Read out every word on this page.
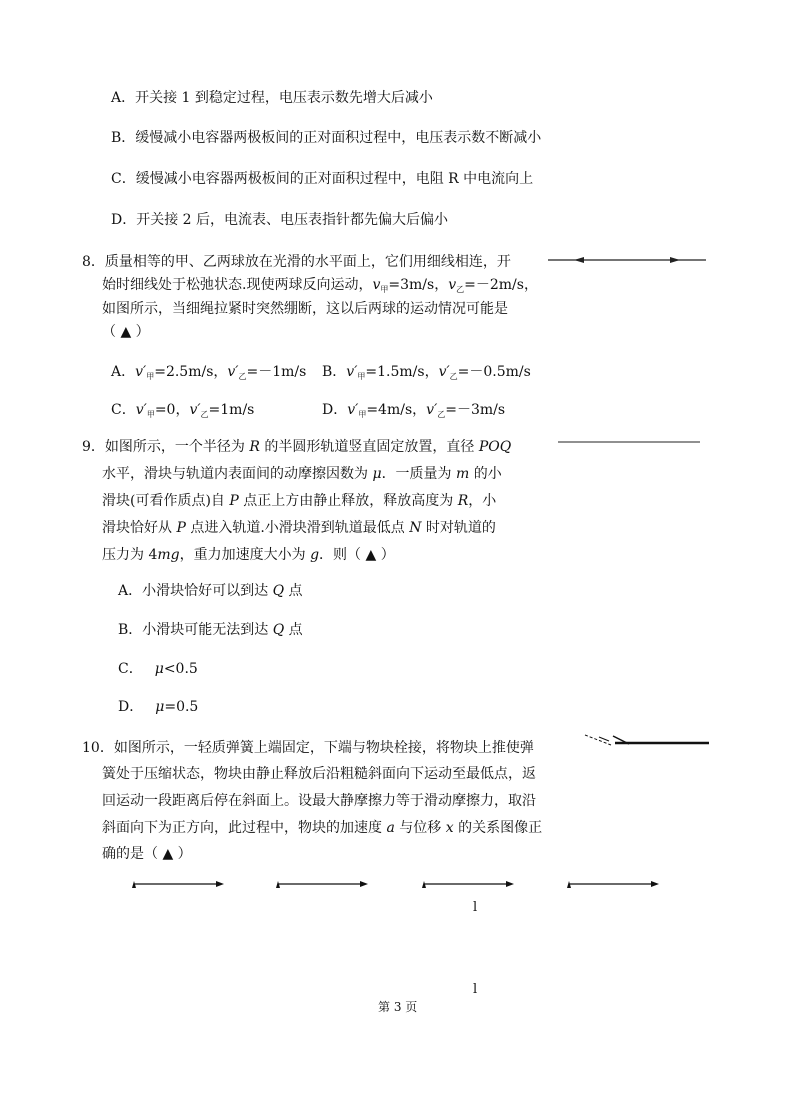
A．开关接 1 到稳定过程，电压表示数先增大后减小
B．缓慢减小电容器两极板间的正对面积过程中，电压表示数不断减小
C．缓慢减小电容器两极板间的正对面积过程中，电阻 R 中电流向上
D．开关接 2 后，电流表、电压表指针都先偏大后偏小
8．质量相等的甲、乙两球放在光滑的水平面上，它们用细线相连，开
始时细线处于松弛状态.现使两球反向运动，$v_甲=3m/s$，$v_乙=-2m/s$，
如图所示，当细绳拉紧时突然绷断，这以后两球的运动情况可能是
（ ▲ ）
A．$v'_甲=2.5m/s$，$v'_乙=-1m/s$ B．$v'_甲=1.5m/s$，$v'_乙=-0.5m/s$
C．$v'_甲=0$，$v'_乙=1m/s$	D．$v'_甲=4m/s$，$v'_乙=-3m/s$
9．如图所示，一个半径为 R 的半圆形轨道竖直固定放置，直径 POQ
水平，滑块与轨道内表面间的动摩擦因数为 μ．一质量为 m 的小
滑块(可看作质点)自 P 点正上方由静止释放，释放高度为 R，小
滑块恰好从 P 点进入轨道.小滑块滑到轨道最低点 N 时对轨道的
压力为 4mg，重力加速度大小为 g．则（ ▲ ）
A．小滑块恰好可以到达 Q 点
B．小滑块可能无法到达 Q 点
C． μ<0.5
D． μ=0.5
10．如图所示，一轻质弹簧上端固定，下端与物块栓接，将物块上推使弹
簧处于压缩状态，物块由静止释放后沿粗糙斜面向下运动至最低点，返
回运动一段距离后停在斜面上。设最大静摩擦力等于滑动摩擦力，取沿
斜面向下为正方向，此过程中，物块的加速度 a 与位移 x 的关系图像正
确的是（ ▲ ）
l
l
第 3 页
